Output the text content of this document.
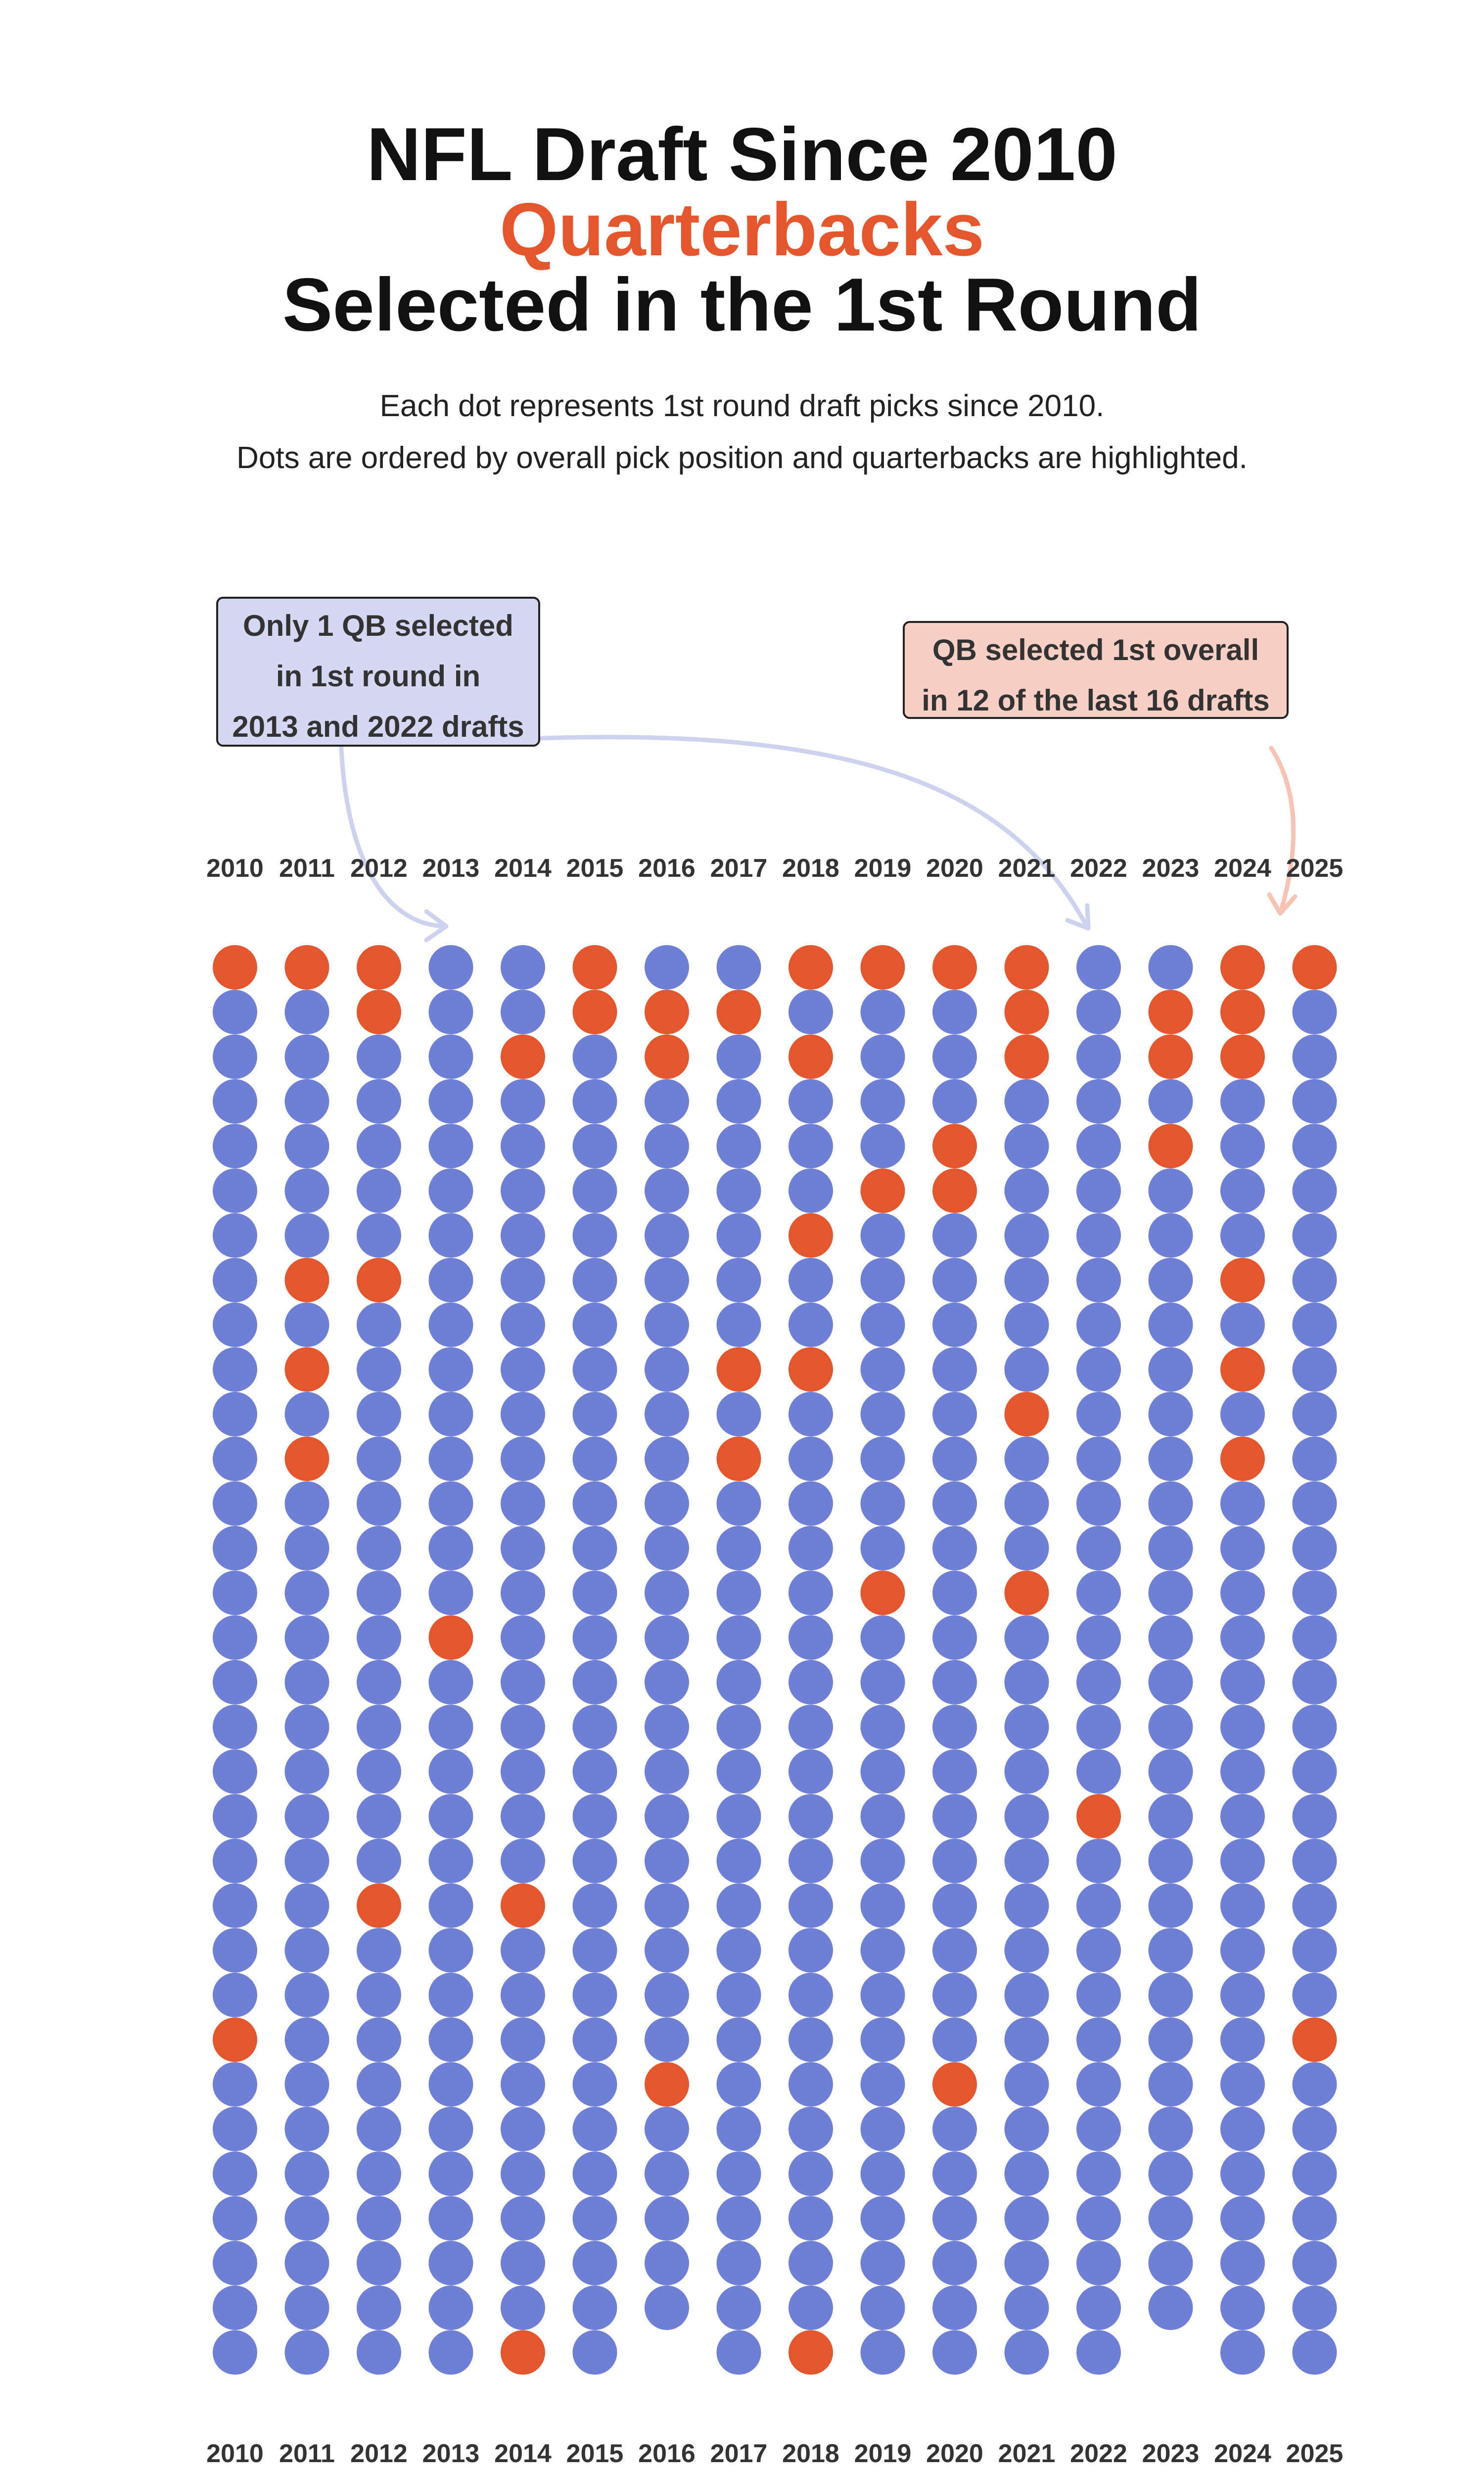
NFL Draft Since 2010
Quarterbacks
Selected in the 1st Round
Each dot represents 1st round draft picks since 2010.
Dots are ordered by overall pick position and quarterbacks are highlighted.
2010 2011 2012 2013 2014 2015 2016 2017 2018 2019 2020 2021 2022 2023 2024 2025
2010 2011 2012 2013 2014 2015 2016 2017 2018 2019 2020 2021 2022 2023 2024 2025
Only 1 QB selected
in 1st round in
2013 and 2022 drafts
QB selected 1st overall
in 12 of the last 16 drafts
